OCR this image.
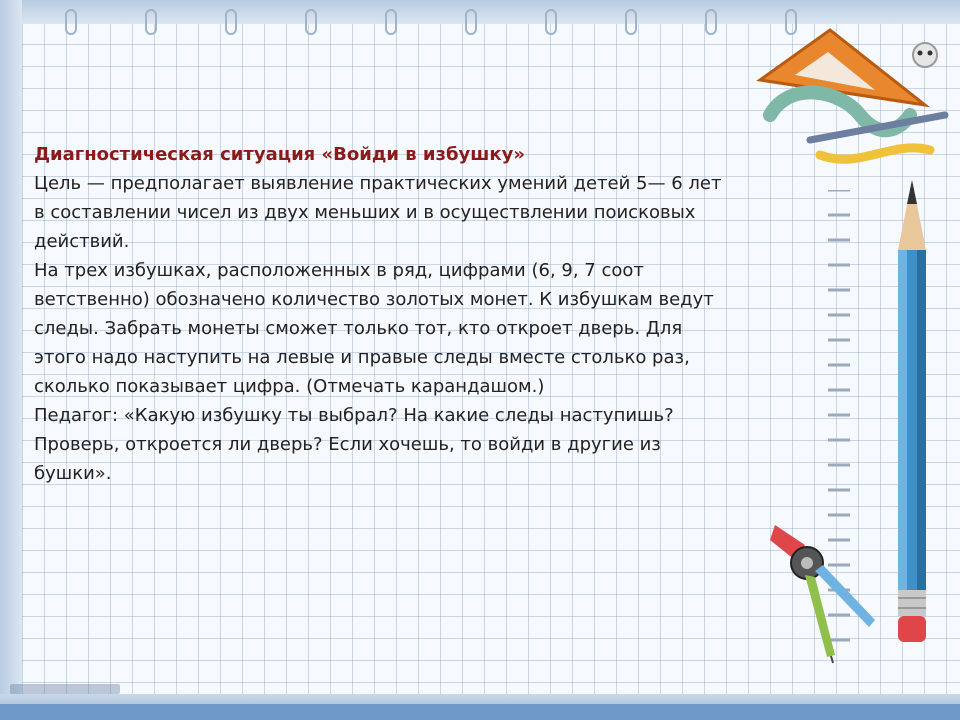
Диагностическая ситуация «Войди в избушку»
Цель — предполагает выявление практических умений детей 5— 6 лет
в составлении чисел из двух меньших и в осуществлении поисковых
действий.
На трех избушках, расположенных в ряд, цифрами (6, 9, 7 соот
ветственно) обозначено количество золотых монет. К избушкам ведут
следы. Забрать монеты сможет только тот, кто откроет дверь. Для
этого надо наступить на левые и правые следы вместе столько раз,
сколько показывает цифра. (Отмечать карандашом.)
Педагог: «Какую избушку ты выбрал? На какие следы наступишь?
Проверь, откроется ли дверь? Если хочешь, то войди в другие из
бушки».
